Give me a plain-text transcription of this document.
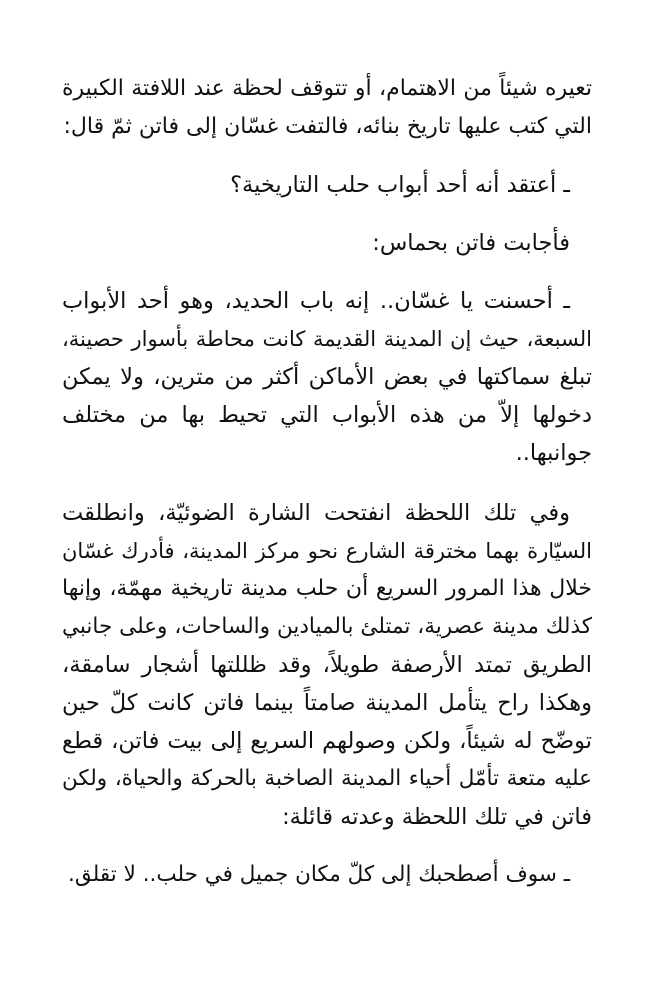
تعيره شيئاً من الاهتمام، أو تتوقف لحظة عند اللافتة الكبيرة
التي كتب عليها تاريخ بنائه، فالتفت غسّان إلى فاتن ثمّ قال:

ـ أعتقد أنه أحد أبواب حلب التاريخية؟

فأجابت فاتن بحماس:

ـ أحسنت يا غسّان.. إنه باب الحديد، وهو أحد الأبواب
السبعة، حيث إن المدينة القديمة كانت محاطة بأسوار حصينة،
تبلغ سماكتها في بعض الأماكن أكثر من مترين، ولا يمكن
دخولها إلاّ من هذه الأبواب التي تحيط بها من مختلف
جوانبها..

وفي تلك اللحظة انفتحت الشارة الضوئيّة، وانطلقت
السيّارة بهما مخترقة الشارع نحو مركز المدينة، فأدرك غسّان
خلال هذا المرور السريع أن حلب مدينة تاريخية مهمّة، وإنها
كذلك مدينة عصرية، تمتلئ بالميادين والساحات، وعلى جانبي
الطريق تمتد الأرصفة طويلاً، وقد ظللتها أشجار سامقة،
وهكذا راح يتأمل المدينة صامتاً بينما فاتن كانت كلّ حين
توضّح له شيئاً، ولكن وصولهم السريع إلى بيت فاتن، قطع
عليه متعة تأمّل أحياء المدينة الصاخبة بالحركة والحياة، ولكن
فاتن في تلك اللحظة وعدته قائلة:

ـ سوف أصطحبك إلى كلّ مكان جميل في حلب.. لا تقلق.
